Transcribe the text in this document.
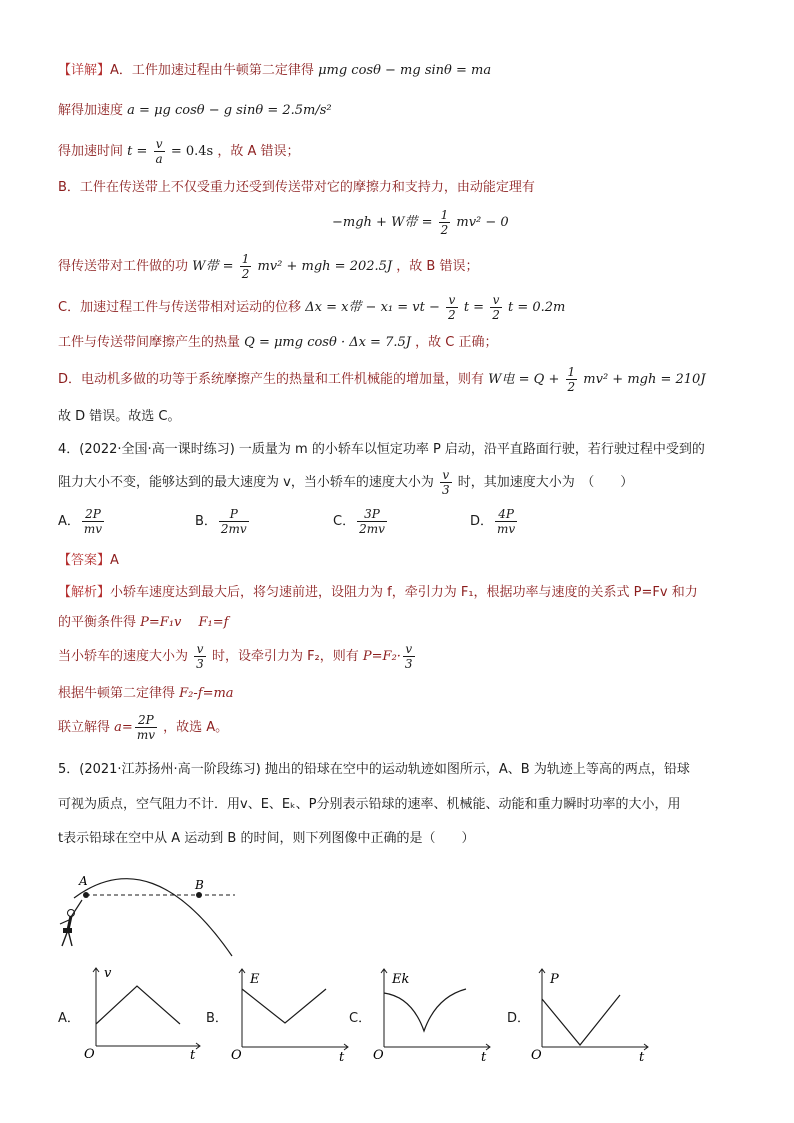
【详解】A．工件加速过程由牛顿第二定律得 μmg cosθ − mg sinθ = ma
解得加速度 a = μg cosθ − g sinθ = 2.5m/s²
得加速时间 $t = \frac{v}{a} = 0.4s$ ，故 A 错误；
B．工件在传送带上不仅受重力还受到传送带对它的摩擦力和支持力，由动能定理有
−mgh + W带 = $\frac{1}{2} mv^2 - 0$
得传送带对工件做的功 W带 = $\frac{1}{2} mv^2$ + mgh = 202.5J ，故 B 错误；
C．加速过程工件与传送带相对运动的位移 Δx = x带 − x₁ = vt − $\frac{v}{2}$ $t = \frac{v}{2}$ t = 0.2m
工件与传送带间摩擦产生的热量 Q = μmg cosθ · Δx = 7.5J ，故 C 正确；
D．电动机多做的功等于系统摩擦产生的热量和工件机械能的增加量，则有 W电 = $Q + \frac{1}{2} mv^2$ + mgh = 210J
故 D 错误。故选 C。
4．(2022·全国·高一课时练习) 一质量为 m 的小轿车以恒定功率 P 启动，沿平直路面行驶，若行驶过程中受到的
阻力大小不变，能够达到的最大速度为 v，当小轿车的速度大小为 $\frac{v}{3}$ 时，其加速度大小为　（　　）
A． $\frac{2P}{mv}$	B． $\frac{P}{2mv}$	C． $\frac{3P}{2mv}$	D． $\frac{4P}{mv}$
【答案】A
【解析】小轿车速度达到最大后，将匀速前进，设阻力为 f，牵引力为 F₁，根据功率与速度的关系式 P=Fv 和力
的平衡条件得 P=F₁v　 F₁=f
当小轿车的速度大小为 $\frac{v}{3}$ 时，设牵引力为 F₂，则有 $P=F_2\cdot \frac{v}{3}$
根据牛顿第二定律得 F₂-f=ma
联立解得 $a= \frac{2P}{mv}$ ，故选 A。
5．(2021·江苏扬州·高一阶段练习) 抛出的铅球在空中的运动轨迹如图所示，A、B 为轨迹上等高的两点，铅球
可视为质点，空气阻力不计．用v、E、Eₖ、P分别表示铅球的速率、机械能、动能和重力瞬时功率的大小，用
t表示铅球在空中从 A 运动到 B 的时间，则下列图像中正确的是（　　）
A	B
A．
v
t
O
B．
E
t
O
C．
Ek
t
O
D．
P
t
O
